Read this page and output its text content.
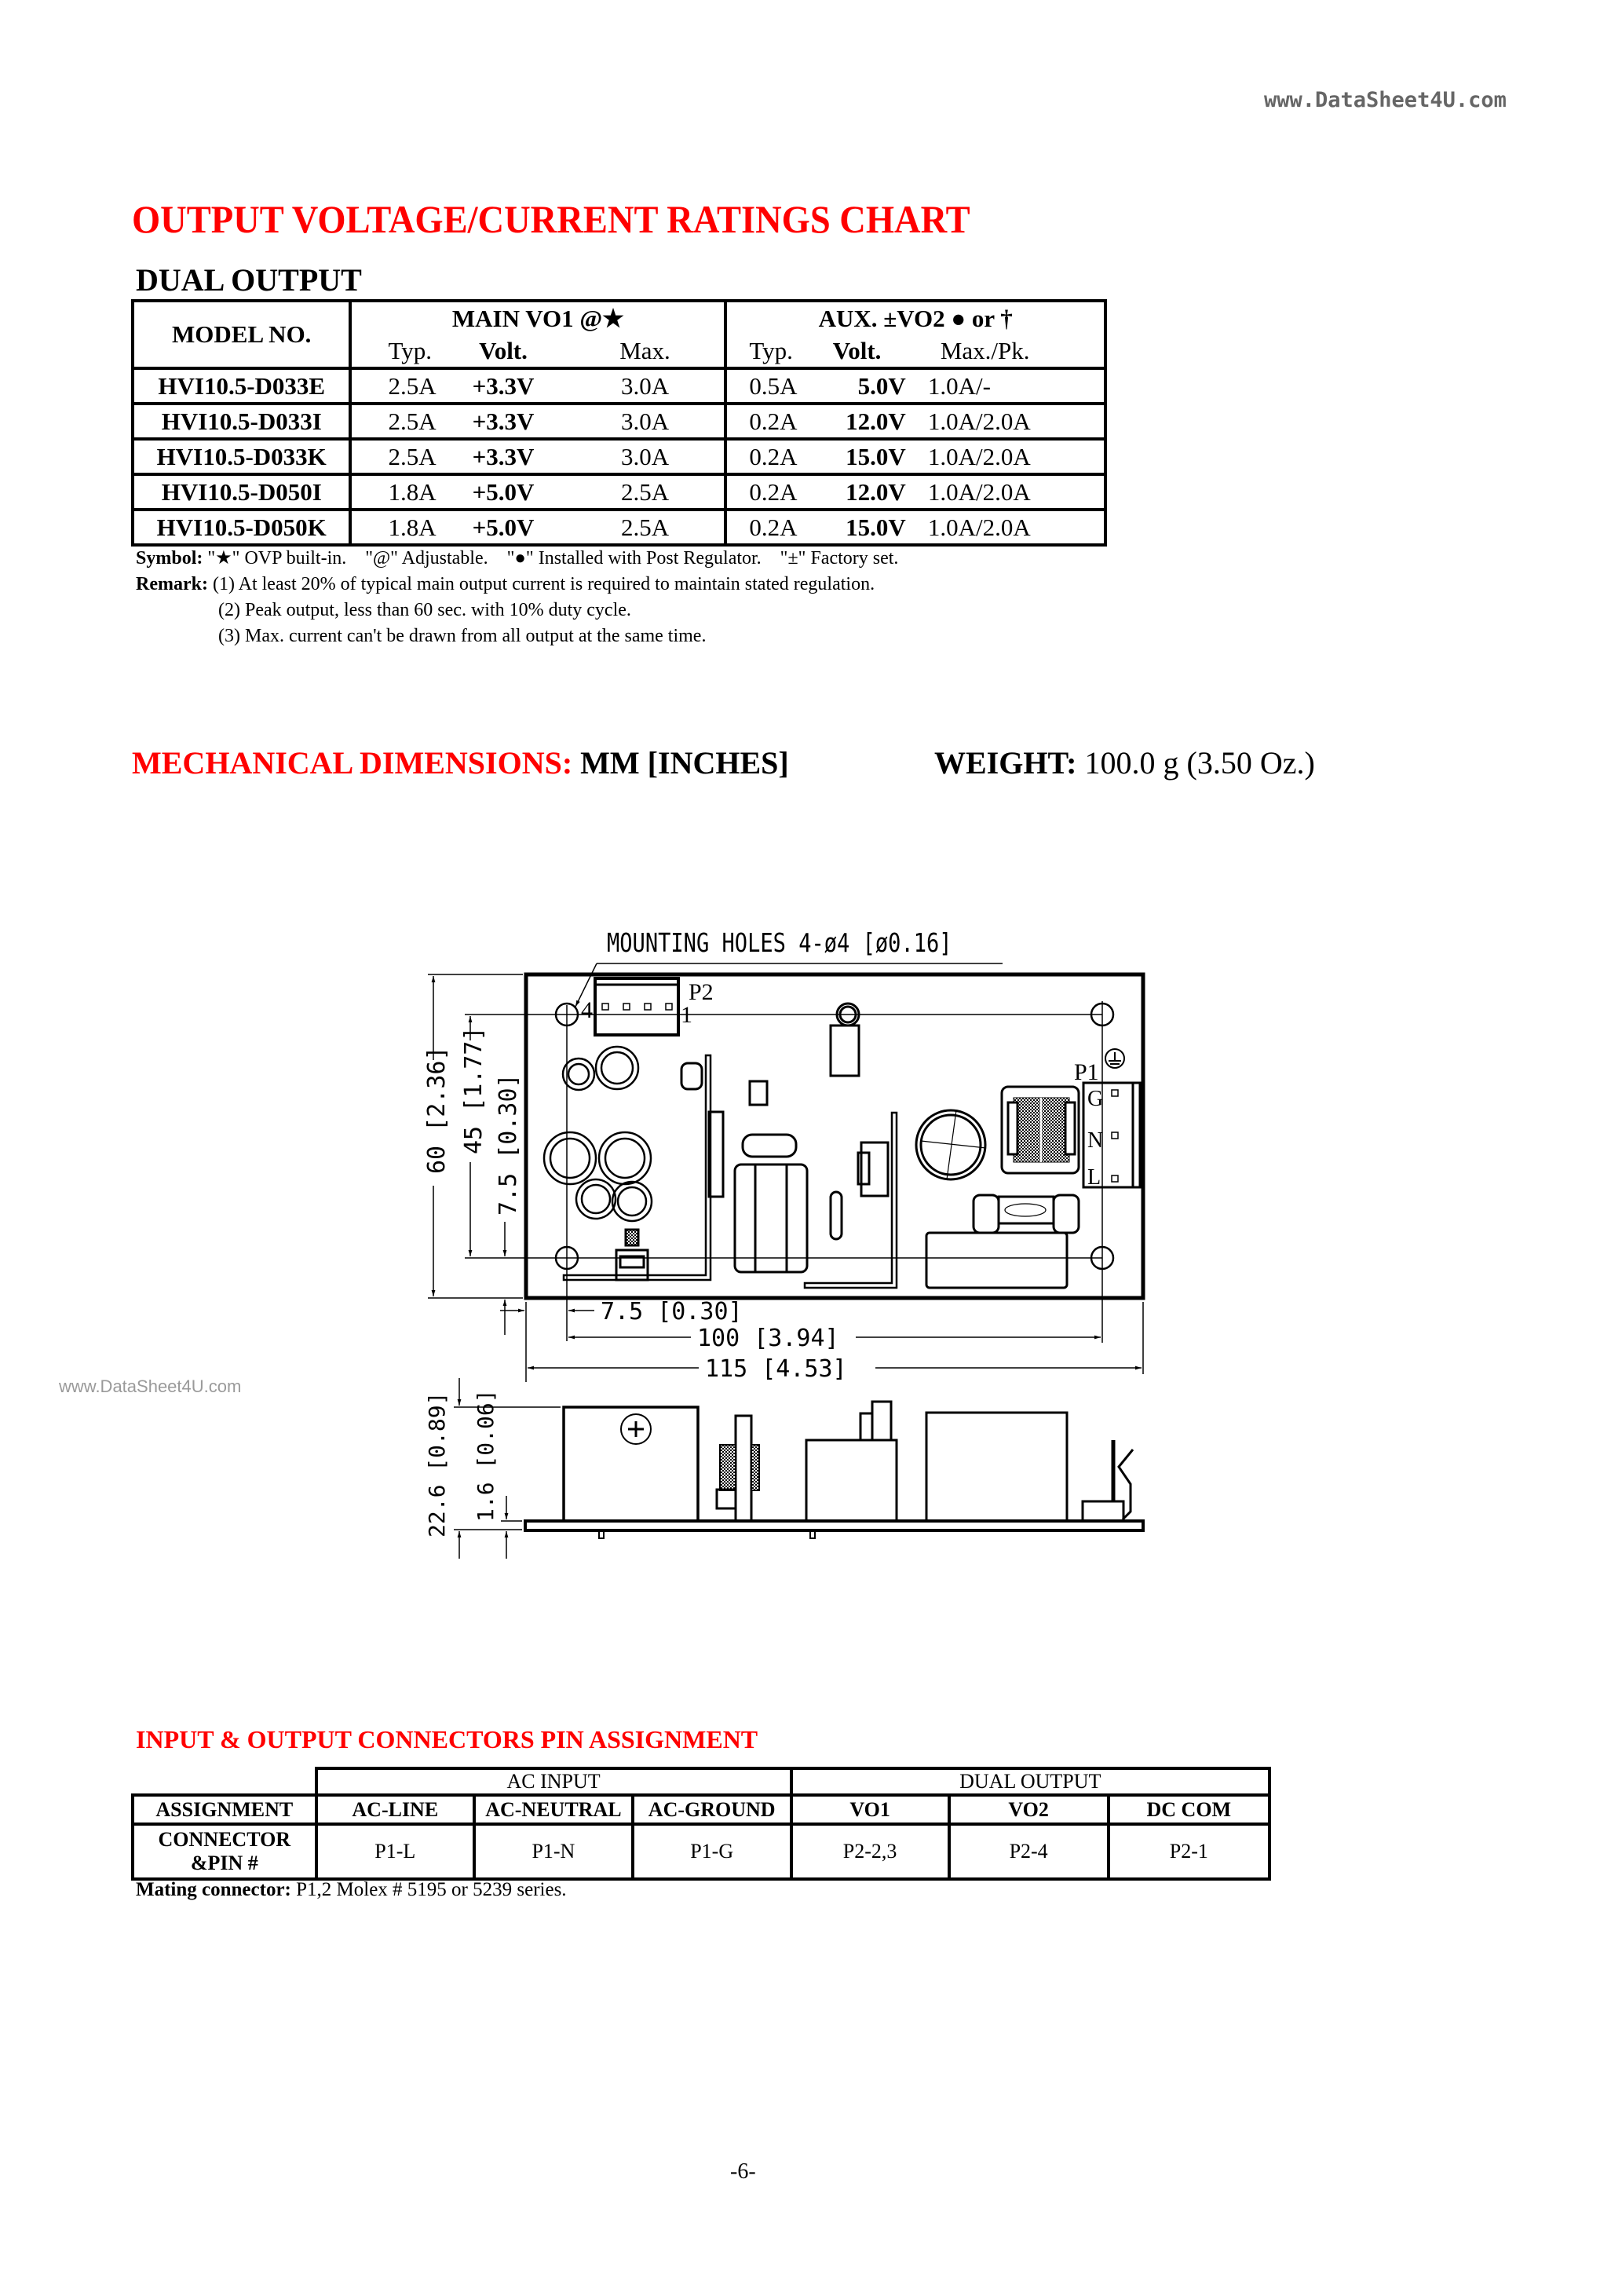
www.DataSheet4U.com
www.DataSheet4U.com
OUTPUT VOLTAGE/CURRENT RATINGS CHART
DUAL OUTPUT
MODEL NO.	MAIN VO1 @★			AUX. ±VO2 ● or †		
	Typ.	Volt.	Max.	Typ.	Volt.	Max./Pk.
HVI10.5-D033E	2.5A	+3.3V	3.0A	0.5A	5.0V	1.0A/-
HVI10.5-D033I	2.5A	+3.3V	3.0A	0.2A	12.0V	1.0A/2.0A
HVI10.5-D033K	2.5A	+3.3V	3.0A	0.2A	15.0V	1.0A/2.0A
HVI10.5-D050I	1.8A	+5.0V	2.5A	0.2A	12.0V	1.0A/2.0A
HVI10.5-D050K	1.8A	+5.0V	2.5A	0.2A	15.0V	1.0A/2.0A
Symbol: "★" OVP built-in.    "@" Adjustable.    "●" Installed with Post Regulator.    "±" Factory set.
Remark: (1) At least 20% of typical main output current is required to maintain stated regulation.
(2) Peak output, less than 60 sec. with 10% duty cycle.
(3) Max. current can't be drawn from all output at the same time.
MECHANICAL DIMENSIONS: MM [INCHES]	WEIGHT: 100.0 g (3.50 Oz.)
MOUNTING HOLES 4-ø4 [ø0.16]
4	1
P2
P1
G
N
L
60 [2.36] 45 [1.77] 7.5 [0.30]
7.5 [0.30]
100 [3.94]
115 [4.53]
22.6 [0.89] 1.6 [0.06]
INPUT & OUTPUT CONNECTORS PIN ASSIGNMENT
	AC INPUT			DUAL OUTPUT		
ASSIGNMENT	AC-LINE	AC-NEUTRAL	AC-GROUND	VO1	VO2	DC COM

CONNECTOR
&PIN #	P1-L	P1-N	P1-G	P2-2,3	P2-4	P2-1
Mating connector: P1,2 Molex # 5195 or 5239 series.
-6-
